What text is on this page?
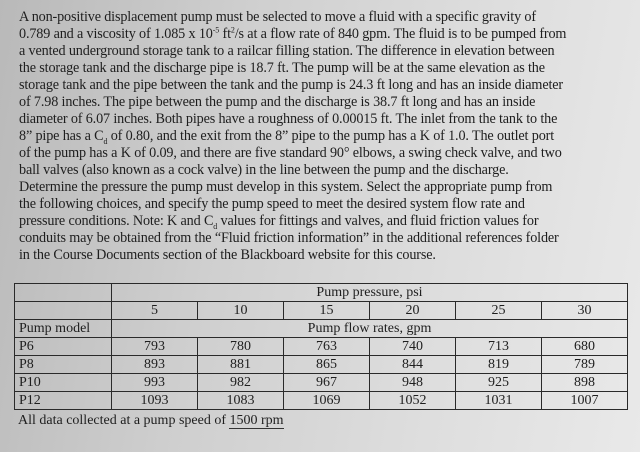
A non-positive displacement pump must be selected to move a fluid with a specific gravity of
0.789 and a viscosity of 1.085 x $10^{-5}$ $ft^2/s$ at a flow rate of 840 gpm. The fluid is to be pumped from
a vented underground storage tank to a railcar filling station. The difference in elevation between
the storage tank and the discharge pipe is 18.7 ft. The pump will be at the same elevation as the
storage tank and the pipe between the tank and the pump is 24.3 ft long and has an inside diameter
of 7.98 inches. The pipe between the pump and the discharge is 38.7 ft long and has an inside
diameter of 6.07 inches. Both pipes have a roughness of 0.00015 ft. The inlet from the tank to the
8” pipe has a $C_d$ of 0.80, and the exit from the 8” pipe to the pump has a K of 1.0. The outlet port
of the pump has a K of 0.09, and there are five standard 90° elbows, a swing check valve, and two
ball valves (also known as a cock valve) in the line between the pump and the discharge.
Determine the pressure the pump must develop in this system. Select the appropriate pump from
the following choices, and specify the pump speed to meet the desired system flow rate and
pressure conditions. Note: K and $C_d$ values for fittings and valves, and fluid friction values for
conduits may be obtained from the “Fluid friction information” in the additional references folder
in the Course Documents section of the Blackboard website for this course.
	Pump pressure, psi					
	5	10	15	20	25	30
Pump model	Pump flow rates, gpm					
P6	793	780	763	740	713	680
P8	893	881	865	844	819	789
P10	993	982	967	948	925	898
P12	1093	1083	1069	1052	1031	1007
All data collected at a pump speed of 1500 rpm
